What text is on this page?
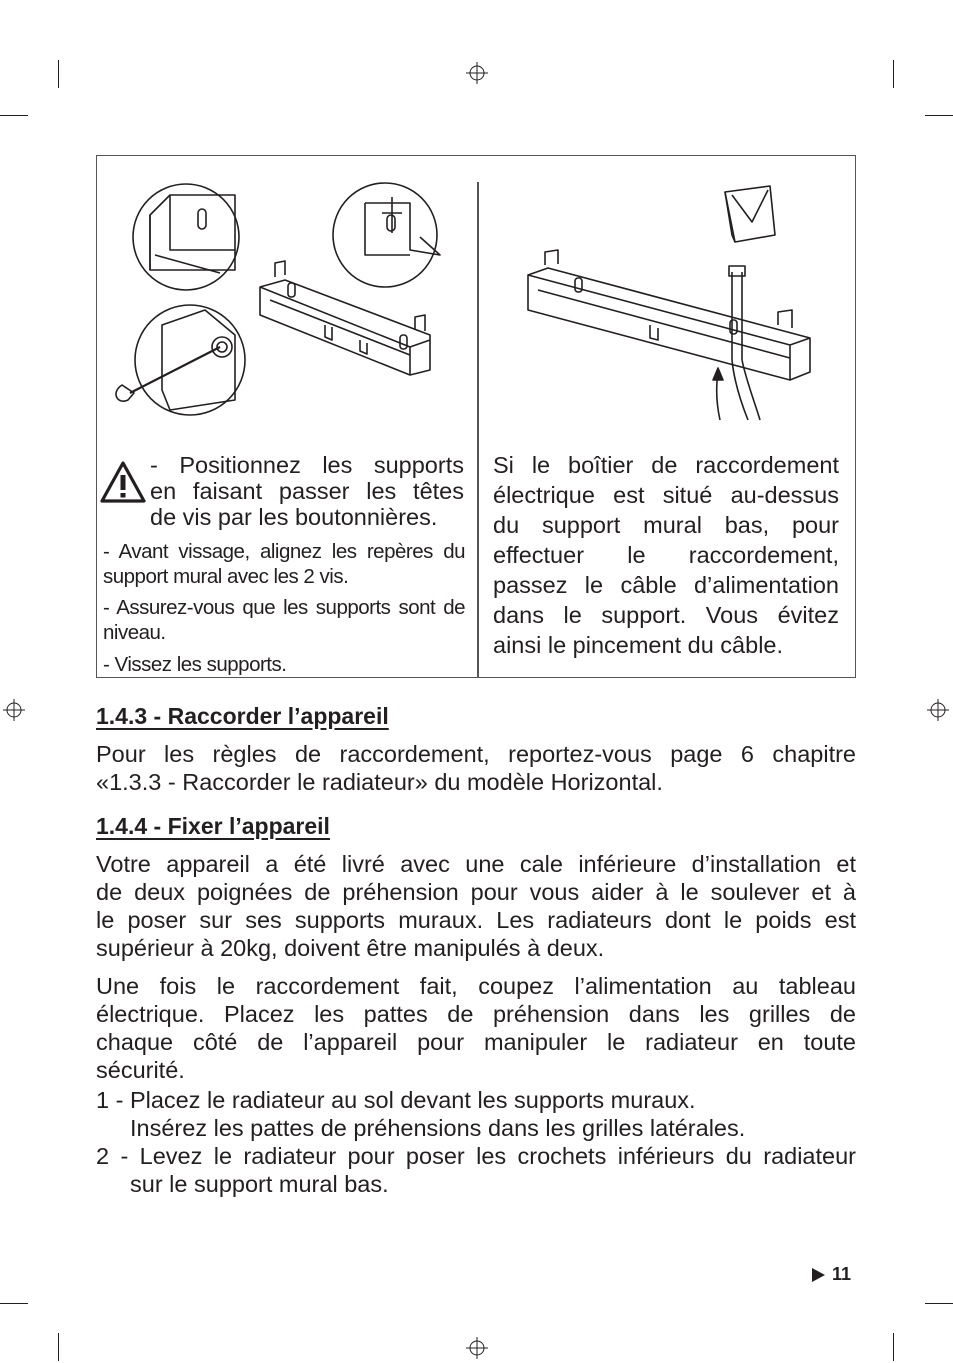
- Positionnez les supports
en faisant passer les têtes
de vis par les boutonnières.
- Avant vissage, alignez les repères du support mural avec les 2 vis.
- Assurez-vous que les supports sont de niveau.
- Vissez les supports.
Si le boîtier de raccordement
électrique est situé au-dessus
du support mural bas, pour
effectuer le raccordement,
passez le câble d’alimentation
dans le support. Vous évitez
ainsi le pincement du câble.
1.4.3 - Raccorder l’appareil
Pour les règles de raccordement, reportez-vous page 6 chapitre
«1.3.3 - Raccorder le radiateur» du modèle Horizontal.
1.4.4 - Fixer l’appareil
Votre appareil a été livré avec une cale inférieure d’installation et
de deux poignées de préhension pour vous aider à le soulever et à
le poser sur ses supports muraux. Les radiateurs dont le poids est
supérieur à 20kg, doivent être manipulés à deux.
Une fois le raccordement fait, coupez l’alimentation au tableau
électrique. Placez les pattes de préhension dans les grilles de
chaque côté de l’appareil pour manipuler le radiateur en toute
sécurité.
1 - Placez le radiateur au sol devant les supports muraux.
Insérez les pattes de préhensions dans les grilles latérales.
2 - Levez le radiateur pour poser les crochets inférieurs du radiateur
sur le support mural bas.
11
